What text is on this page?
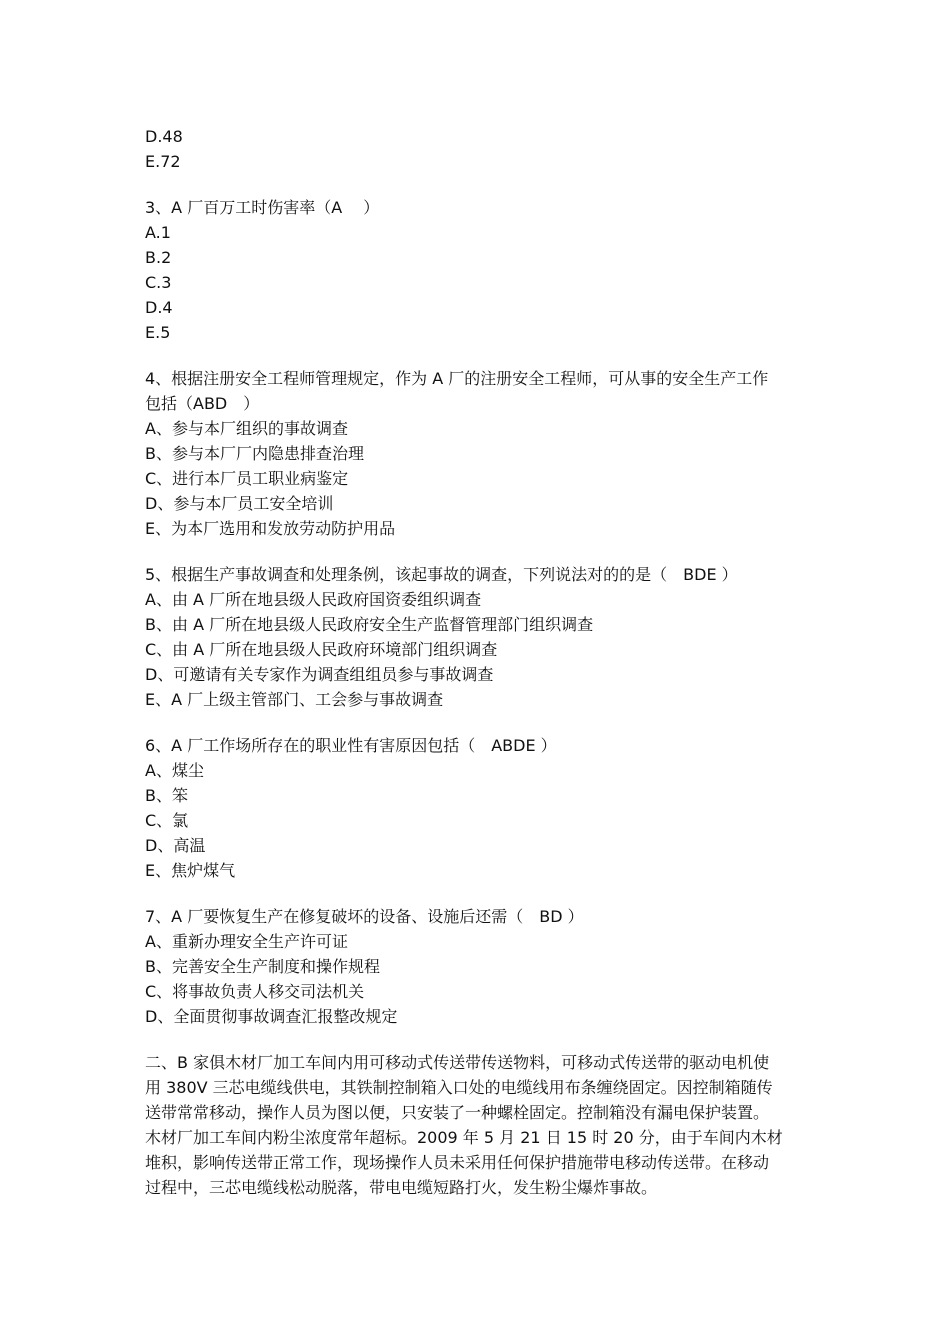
D.48
E.72
3、A 厂百万工时伤害率（A　 ）
A.1
B.2
C.3
D.4
E.5
4、根据注册安全工程师管理规定，作为 A 厂的注册安全工程师，可从事的安全生产工作
包括（ABD　）
A、参与本厂组织的事故调查
B、参与本厂厂内隐患排查治理
C、进行本厂员工职业病鉴定
D、参与本厂员工安全培训
E、为本厂选用和发放劳动防护用品
5、根据生产事故调查和处理条例，该起事故的调查，下列说法对的的是（　BDE ）
A、由 A 厂所在地县级人民政府国资委组织调查
B、由 A 厂所在地县级人民政府安全生产监督管理部门组织调查
C、由 A 厂所在地县级人民政府环境部门组织调查
D、可邀请有关专家作为调查组组员参与事故调查
E、A 厂上级主管部门、工会参与事故调查
6、A 厂工作场所存在的职业性有害原因包括（　ABDE ）
A、煤尘
B、笨
C、氯
D、高温
E、焦炉煤气
7、A 厂要恢复生产在修复破坏的设备、设施后还需（　BD ）
A、重新办理安全生产许可证
B、完善安全生产制度和操作规程
C、将事故负责人移交司法机关
D、全面贯彻事故调查汇报整改规定
二、B 家俱木材厂加工车间内用可移动式传送带传送物料，可移动式传送带的驱动电机使
用 380V 三芯电缆线供电，其铁制控制箱入口处的电缆线用布条缠绕固定。因控制箱随传
送带常常移动，操作人员为图以便，只安装了一种螺栓固定。控制箱没有漏电保护装置。
木材厂加工车间内粉尘浓度常年超标。2009 年 5 月 21 日 15 时 20 分，由于车间内木材
堆积，影响传送带正常工作，现场操作人员未采用任何保护措施带电移动传送带。在移动
过程中，三芯电缆线松动脱落，带电电缆短路打火，发生粉尘爆炸事故。
